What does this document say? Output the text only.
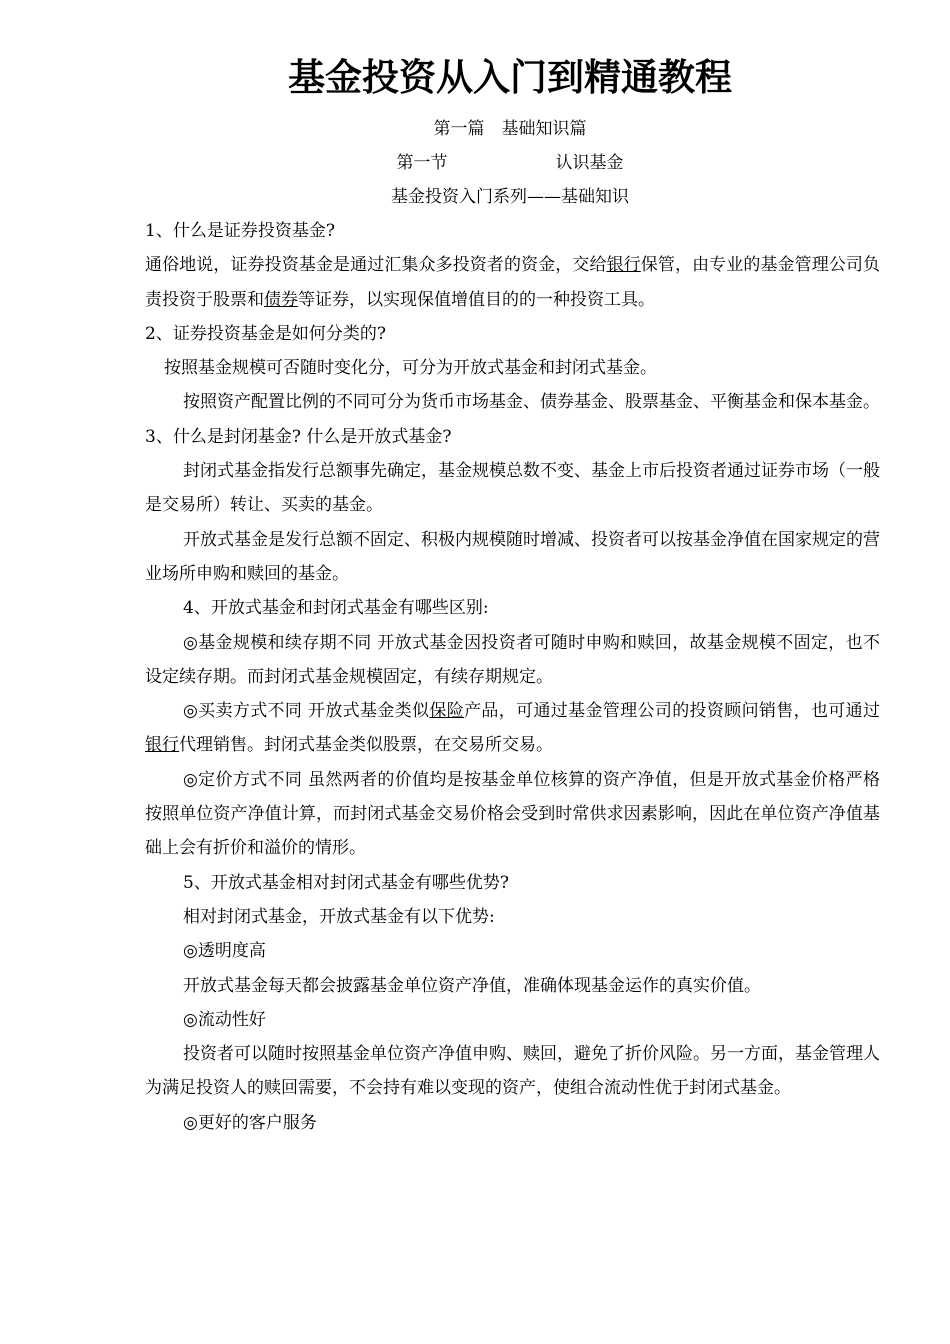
基金投资从入门到精通教程
第一篇　基础知识篇
第一节	认识基金
基金投资入门系列——基础知识

1、什么是证券投资基金?

通俗地说，证券投资基金是通过汇集众多投资者的资金，交给银行保管，由专业的基金管理公司负责投资于股票和债券等证券，以实现保值增值目的的一种投资工具。

2、证券投资基金是如何分类的?

按照基金规模可否随时变化分，可分为开放式基金和封闭式基金。

按照资产配置比例的不同可分为货币市场基金、债券基金、股票基金、平衡基金和保本基金。

3、什么是封闭基金? 什么是开放式基金?

封闭式基金指发行总额事先确定，基金规模总数不变、基金上市后投资者通过证券市场（一般是交易所）转让、买卖的基金。

开放式基金是发行总额不固定、积极内规模随时增减、投资者可以按基金净值在国家规定的营业场所申购和赎回的基金。

4、开放式基金和封闭式基金有哪些区别:

◎基金规模和续存期不同 开放式基金因投资者可随时申购和赎回，故基金规模不固定，也不设定续存期。而封闭式基金规模固定，有续存期规定。

◎买卖方式不同 开放式基金类似保险产品，可通过基金管理公司的投资顾问销售，也可通过银行代理销售。封闭式基金类似股票，在交易所交易。

◎定价方式不同 虽然两者的价值均是按基金单位核算的资产净值，但是开放式基金价格严格按照单位资产净值计算，而封闭式基金交易价格会受到时常供求因素影响，因此在单位资产净值基础上会有折价和溢价的情形。

5、开放式基金相对封闭式基金有哪些优势?

相对封闭式基金，开放式基金有以下优势:

◎透明度高

开放式基金每天都会披露基金单位资产净值，准确体现基金运作的真实价值。

◎流动性好

投资者可以随时按照基金单位资产净值申购、赎回，避免了折价风险。另一方面，基金管理人为满足投资人的赎回需要，不会持有难以变现的资产，使组合流动性优于封闭式基金。

◎更好的客户服务
